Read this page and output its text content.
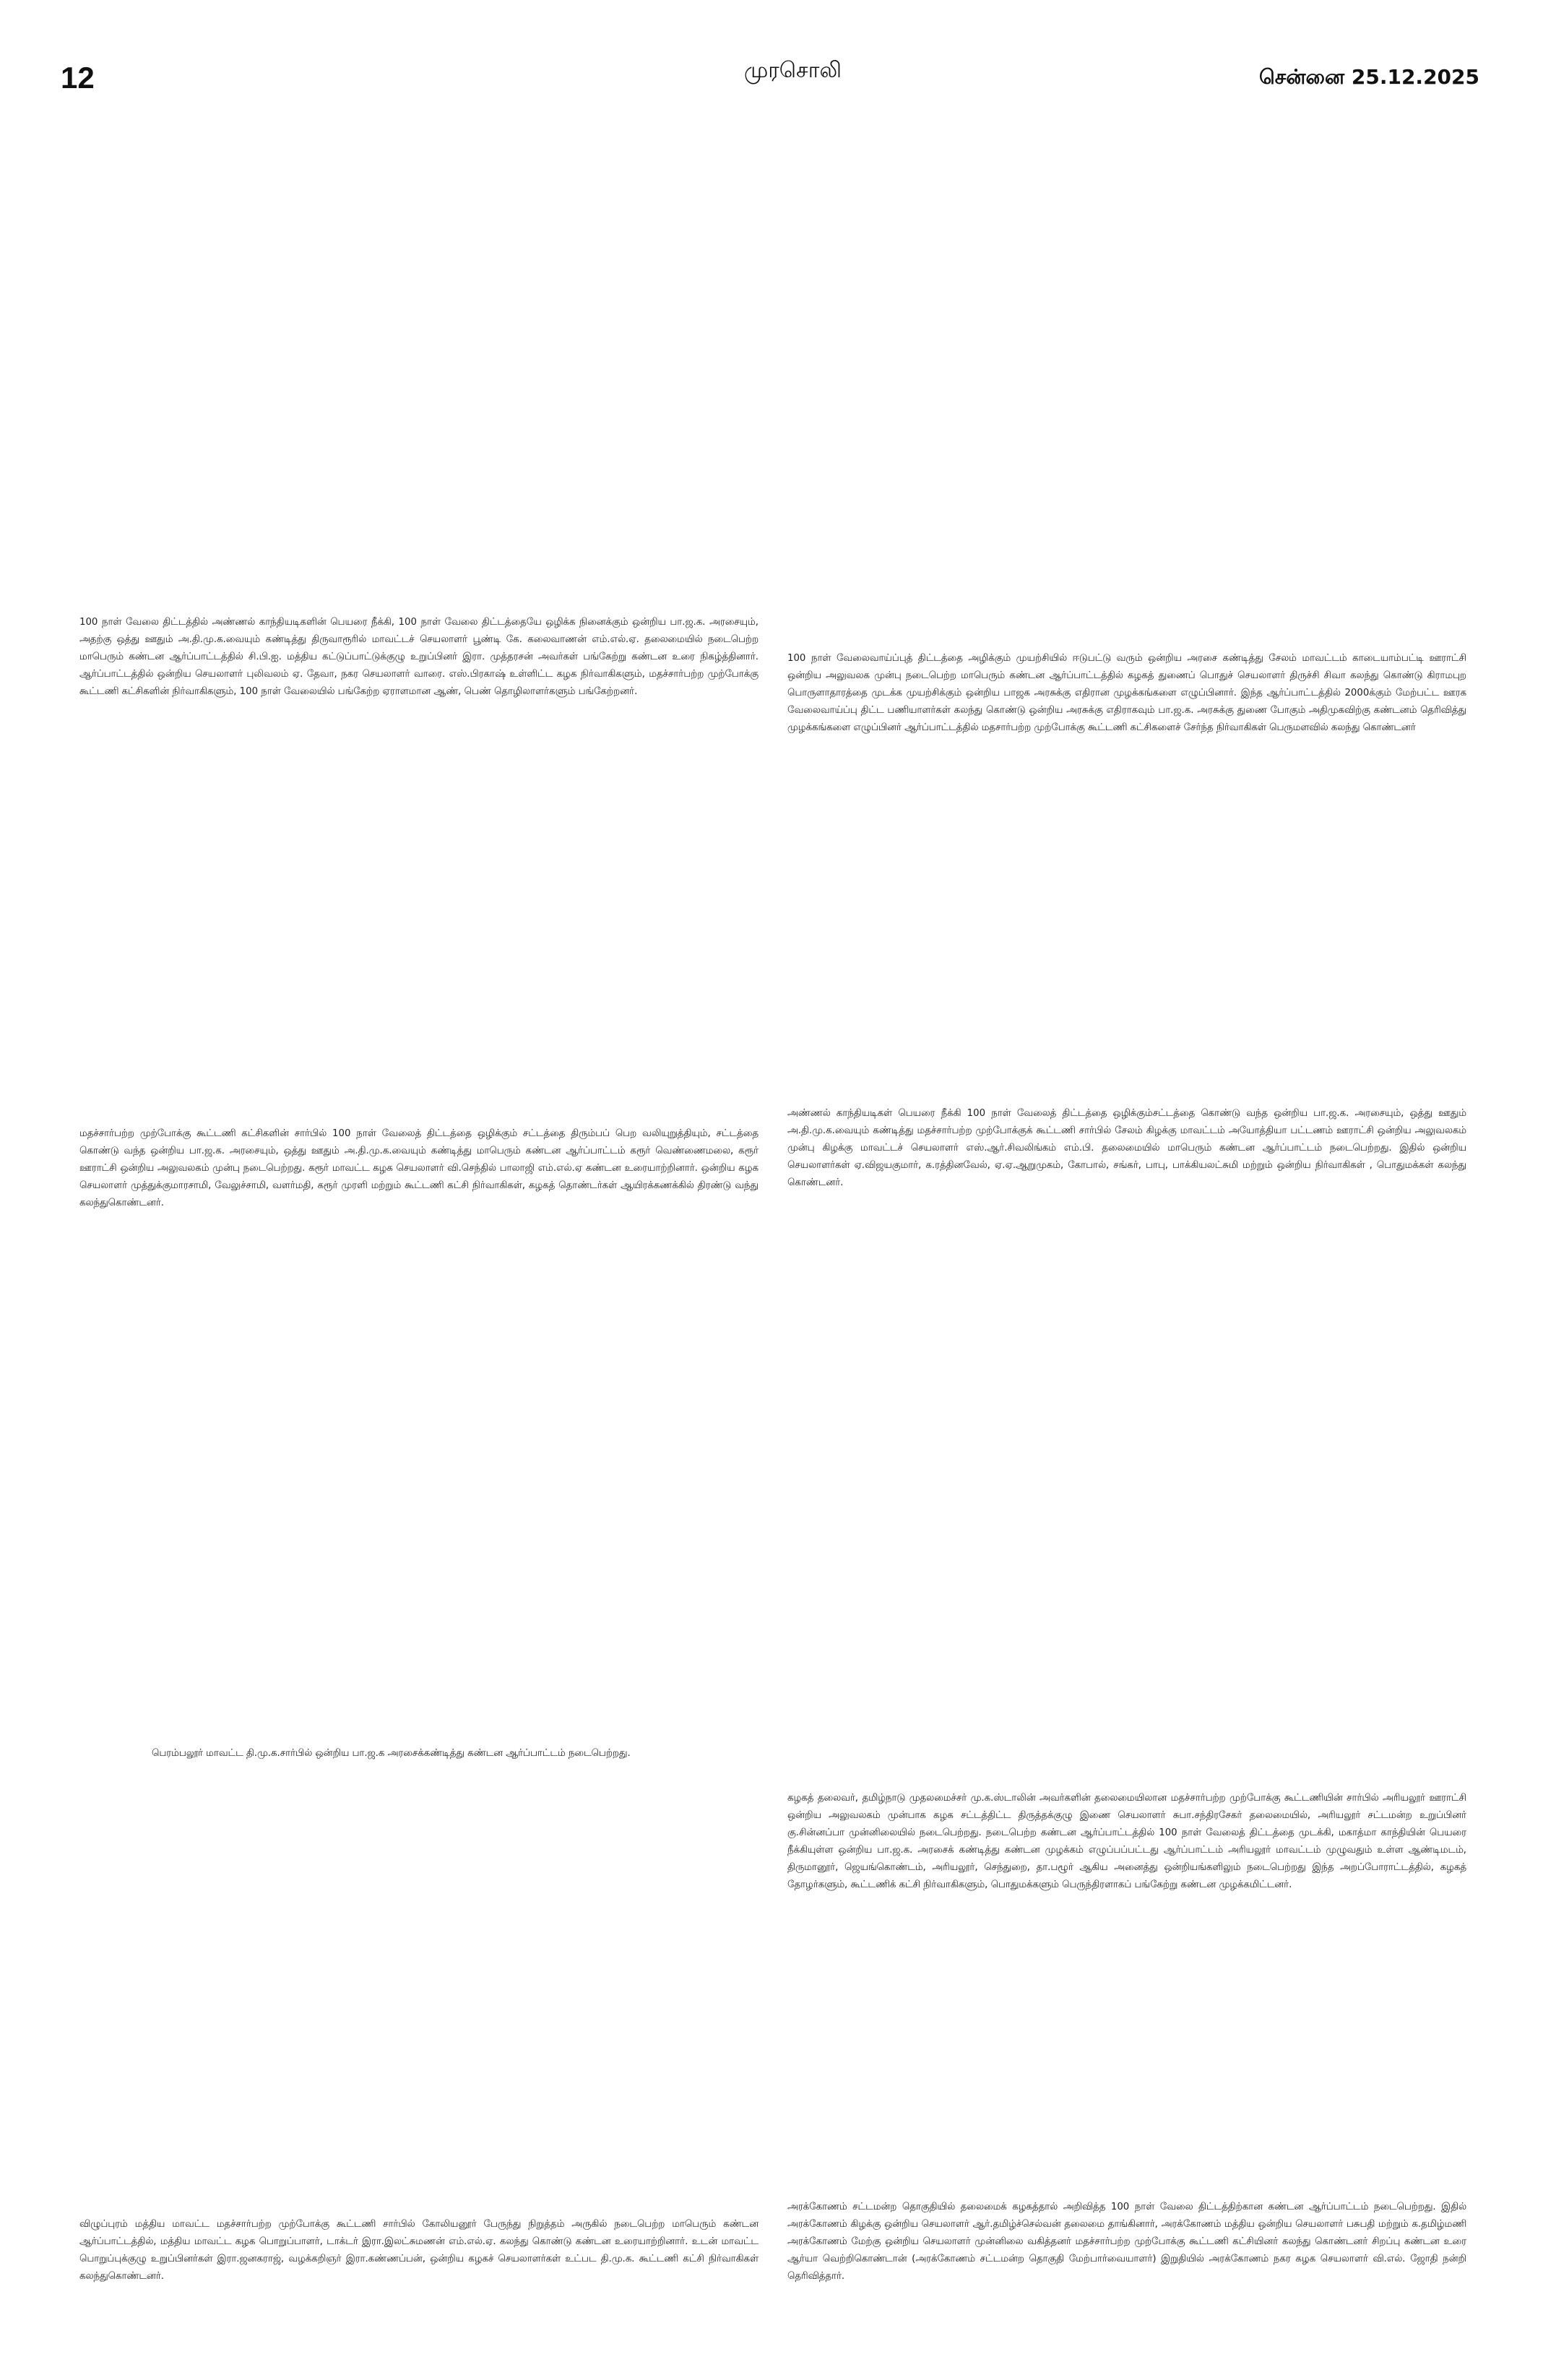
12	முரசொலி	சென்னை 25.12.2025
100 நாள் வேலை திட்டத்தில் அண்ணல் காந்தியடிகளின் பெயரை நீக்கி, 100 நாள் வேலை திட்டத்தையே ஒழிக்க நினைக்கும் ஒன்றிய பா.ஜ.க. அரசையும், அதற்கு ஒத்து ஊதும் அ.தி.மு.க.வையும் கண்டித்து திருவாரூரில் மாவட்டச் செயலாளர் பூண்டி கே. கலைவாணன் எம்.எல்.ஏ. தலைமையில் நடைபெற்ற மாபெரும் கண்டன ஆர்ப்பாட்டத்தில் சி.பி.ஐ. மத்திய கட்டுப்பாட்டுக்குழு உறுப்பினர் இரா. முத்தரசன் அவர்கள் பங்கேற்று கண்டன உரை நிகழ்த்தினார். ஆர்ப்பாட்டத்தில் ஒன்றிய செயலாளர் புலிவலம் ஏ. தேவா, நகர செயலாளர் வாரை. எஸ்.பிரகாஷ் உள்ளிட்ட கழக நிர்வாகிகளும், மதச்சார்பற்ற முற்போக்கு கூட்டணி கட்சிகளின் நிர்வாகிகளும், 100 நாள் வேலையில் பங்கேற்ற ஏராளமான ஆண், பெண் தொழிலாளர்களும் பங்கேற்றனர்.
100 நாள் வேலைவாய்ப்புத் திட்டத்தை அழிக்கும் முயற்சியில் ஈடுபட்டு வரும் ஒன்றிய அரசை கண்டித்து சேலம் மாவட்டம் காடையாம்பட்டி ஊராட்சி ஒன்றிய அலுவலக முன்பு நடைபெற்ற மாபெரும் கண்டன ஆர்ப்பாட்டத்தில் கழகத் துணைப் பொதுச் செயலாளர் திருச்சி சிவா கலந்து கொண்டு கிராமபுற பொருளாதாரத்தை முடக்க முயற்சிக்கும் ஒன்றிய பாஜக அரசுக்கு எதிரான முழக்கங்களை எழுப்பினார். இந்த ஆர்ப்பாட்டத்தில் 2000க்கும் மேற்பட்ட ஊரக வேலைவாய்ப்பு திட்ட பணியாளர்கள் கலந்து கொண்டு ஒன்றிய அரசுக்கு எதிராகவும் பா.ஜ.க. அரசுக்கு துணை போகும் அதிமுகவிற்கு கண்டனம் தெரிவித்து முழக்கங்களை எழுப்பினர் ஆர்ப்பாட்டத்தில் மதசார்பற்ற முற்போக்கு கூட்டணி கட்சிகளைச் சேர்ந்த நிர்வாகிகள் பெருமளவில் கலந்து கொண்டனர்
மதச்சார்பற்ற முற்போக்கு கூட்டணி கட்சிகளின் சார்பில் 100 நாள் வேலைத் திட்டத்தை ஒழிக்கும் சட்டத்தை திரும்பப் பெற வலியுறுத்தியும், சட்டத்தை கொண்டு வந்த ஒன்றிய பா.ஜ.க. அரசையும், ஒத்து ஊதும் அ.தி.மு.க.வையும் கண்டித்து மாபெரும் கண்டன ஆர்ப்பாட்டம் கரூர் வெண்ணைமலை, கரூர் ஊராட்சி ஒன்றிய அலுவலகம் முன்பு நடைபெற்றது. கரூர் மாவட்ட கழக செயலாளர் வி.செந்தில் பாலாஜி எம்.எல்.ஏ கண்டன உரையாற்றினார். ஒன்றிய கழக செயலாளர் முத்துக்குமாரசாமி, வேலுச்சாமி, வளர்மதி, கரூர் முரளி மற்றும் கூட்டணி கட்சி நிர்வாகிகள், கழகத் தொண்டர்கள் ஆயிரக்கணக்கில் திரண்டு வந்து கலந்துகொண்டனர்.
அண்ணல் காந்தியடிகள் பெயரை நீக்கி 100 நாள் வேலைத் திட்டத்தை ஒழிக்கும்சட்டத்தை கொண்டு வந்த ஒன்றிய பா.ஜ.க. அரசையும், ஒத்து ஊதும் அ.தி.மு.க.வையும் கண்டித்து மதச்சார்பற்ற முற்போக்குக் கூட்டணி சார்பில் சேலம் கிழக்கு மாவட்டம் அயோத்தியா பட்டணம் ஊராட்சி ஒன்றிய அலுவலகம் முன்பு கிழக்கு மாவட்டச் செயலாளர் எஸ்.ஆர்.சிவலிங்கம் எம்.பி. தலைமையில் மாபெரும் கண்டன ஆர்ப்பாட்டம் நடைபெற்றது. இதில் ஒன்றிய செயலாளர்கள் ஏ.விஜயகுமார், க.ரத்தினவேல், ஏ.ஏ.ஆறுமுகம், கோபால், சங்கர், பாபு, பாக்கியலட்சுமி மற்றும் ஒன்றிய நிர்வாகிகள் , பொதுமக்கள் கலந்து கொண்டனர்.
பெரம்பலூர் மாவட்ட தி.மு.க.சார்பில் ஒன்றிய பா.ஜ.க அரசைக்கண்டித்து கண்டன ஆர்ப்பாட்டம் நடைபெற்றது.
கழகத் தலைவர், தமிழ்நாடு முதலமைச்சர் மு.க.ஸ்டாலின் அவர்களின் தலைமையிலான மதச்சார்பற்ற முற்போக்கு கூட்டணியின் சார்பில் அரியலூர் ஊராட்சி ஒன்றிய அலுவலகம் முன்பாக கழக சட்டத்திட்ட திருத்தக்குழு இணை செயலாளர் சுபா.சந்திரசேகர் தலைமையில், அரியலூர் சட்டமன்ற உறுப்பினர் கு.சின்னப்பா முன்னிலையில் நடைபெற்றது. நடைபெற்ற கண்டன ஆர்ப்பாட்டத்தில் 100 நாள் வேலைத் திட்டத்தை முடக்கி, மகாத்மா காந்தியின் பெயரை நீக்கியுள்ள ஒன்றிய பா.ஜ.க. அரசைக் கண்டித்து கண்டன முழக்கம் எழுப்பப்பட்டது ஆர்ப்பாட்டம் அரியலூர் மாவட்டம் முழுவதும் உள்ள ஆண்டிமடம், திருமானூர், ஜெயங்கொண்டம், அரியலூர், செந்துறை, தா.பழூர் ஆகிய அனைத்து ஒன்றியங்களிலும் நடைபெற்றது இந்த அறப்போராட்டத்தில், கழகத் தோழர்களும், கூட்டணிக் கட்சி நிர்வாகிகளும், பொதுமக்களும் பெருந்திரளாகப் பங்கேற்று கண்டன முழக்கமிட்டனர்.
விழுப்புரம் மத்திய மாவட்ட மதச்சார்பற்ற முற்போக்கு கூட்டணி சார்பில் கோலியனூர் பேருந்து நிறுத்தம் அருகில் நடைபெற்ற மாபெரும் கண்டன ஆர்ப்பாட்டத்தில், மத்திய மாவட்ட கழக பொறுப்பாளர், டாக்டர் இரா.இலட்சுமணன் எம்.எல்.ஏ. கலந்து கொண்டு கண்டன உரையாற்றினார். உடன் மாவட்ட பொறுப்புக்குழு உறுப்பினர்கள் இரா.ஜனகராஜ், வழக்கறிஞர் இரா.கண்ணப்பன், ஒன்றிய கழகச் செயலாளர்கள் உட்பட தி.மு.க. கூட்டணி கட்சி நிர்வாகிகள் கலந்துகொண்டனர்.
அரக்கோணம் சட்டமன்ற தொகுதியில் தலைமைக் கழகத்தால் அறிவித்த 100 நாள் வேலை திட்டத்திற்கான கண்டன ஆர்ப்பாட்டம் நடைபெற்றது. இதில் அரக்கோணம் கிழக்கு ஒன்றிய செயலாளர் ஆர்.தமிழ்ச்செல்வன் தலைமை தாங்கினார், அரக்கோணம் மத்திய ஒன்றிய செயலாளர் பசுபதி மற்றும் க.தமிழ்மணி அரக்கோணம் மேற்கு ஒன்றிய செயலாளர் முன்னிலை வகித்தனர் மதச்சார்பற்ற முற்போக்கு கூட்டணி கட்சியினர் கலந்து கொண்டனர் சிறப்பு கண்டன உரை ஆர்யா வெற்றிகொண்டான் (அரக்கோணம் சட்டமன்ற தொகுதி மேற்பார்வையாளர்) இறுதியில் அரக்கோணம் நகர கழக செயலாளர் வி.எல். ஜோதி நன்றி தெரிவித்தார்.
